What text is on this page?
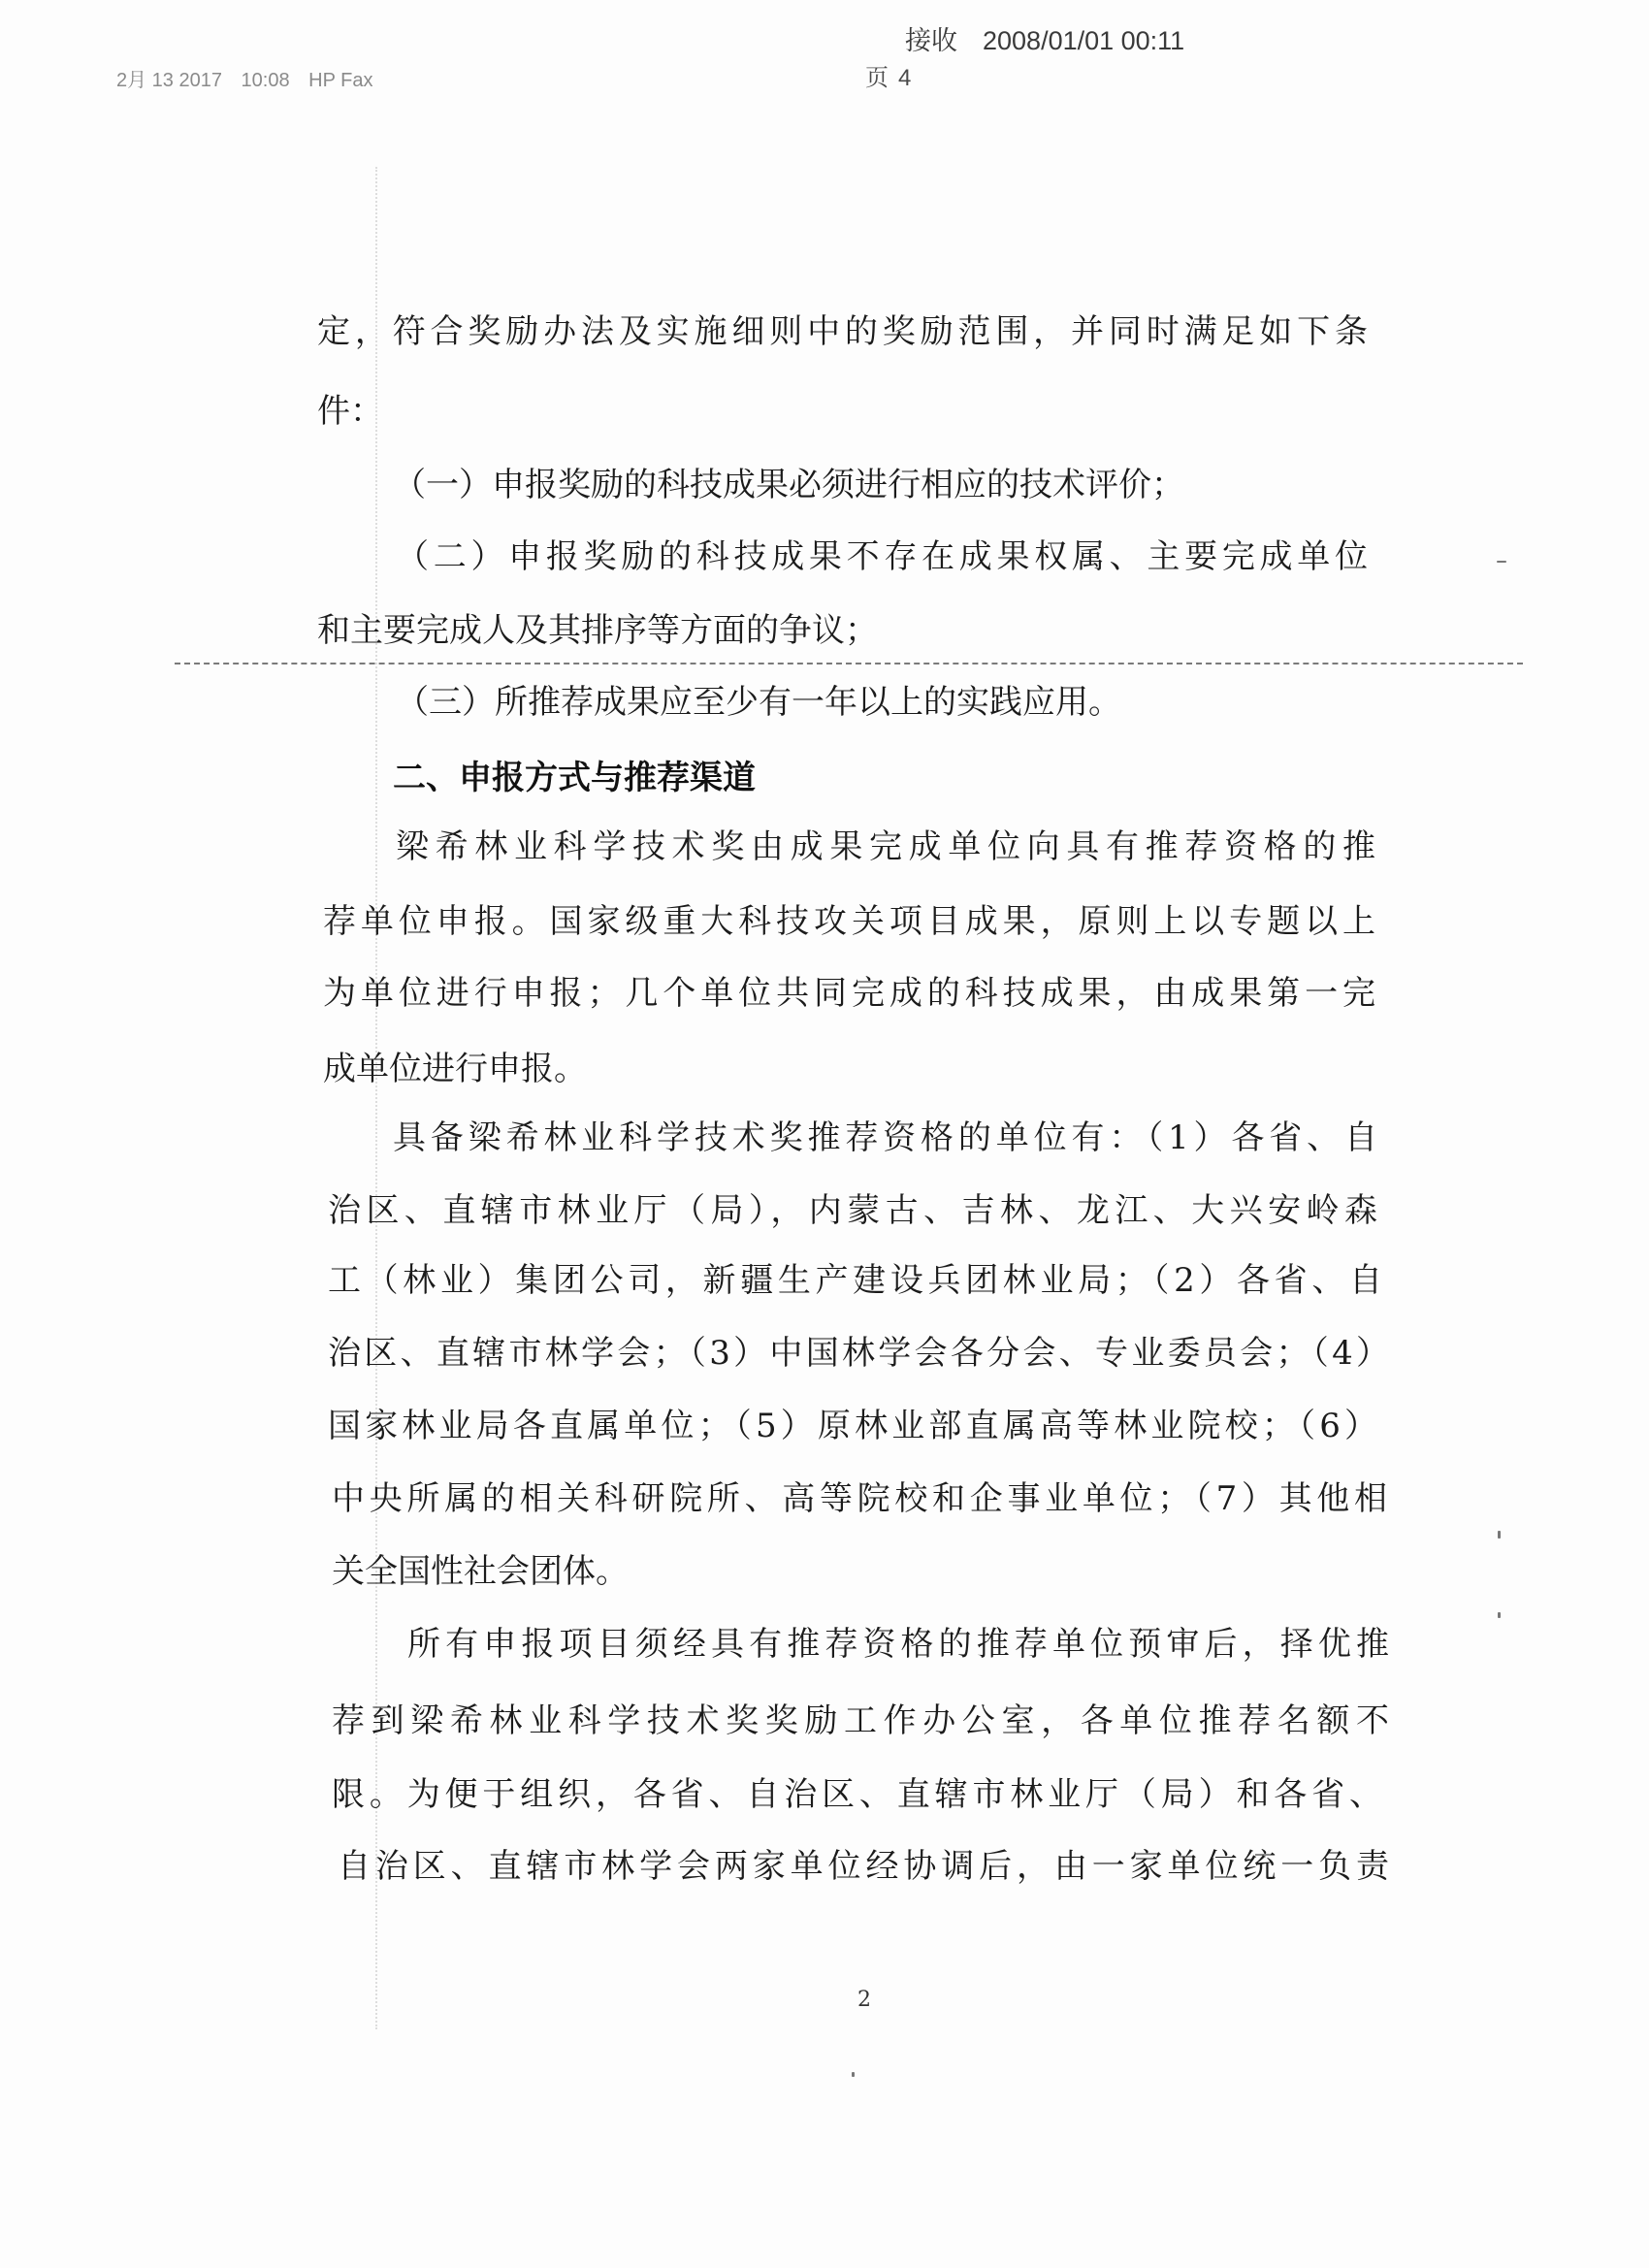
接收 2008/01/01 00:11
2月 13 2017 10:08 HP Fax	页 4
定，符合奖励办法及实施细则中的奖励范围，并同时满足如下条
件：
（一）申报奖励的科技成果必须进行相应的技术评价；
（二）申报奖励的科技成果不存在成果权属、主要完成单位
和主要完成人及其排序等方面的争议；
（三）所推荐成果应至少有一年以上的实践应用。
二、申报方式与推荐渠道
梁希林业科学技术奖由成果完成单位向具有推荐资格的推
荐单位申报。国家级重大科技攻关项目成果，原则上以专题以上
为单位进行申报；几个单位共同完成的科技成果，由成果第一完
成单位进行申报。
具备梁希林业科学技术奖推荐资格的单位有：（1）各省、自
治区、直辖市林业厅（局），内蒙古、吉林、龙江、大兴安岭森
工（林业）集团公司，新疆生产建设兵团林业局；（2）各省、自
治区、直辖市林学会；（3）中国林学会各分会、专业委员会；（4）
国家林业局各直属单位；（5）原林业部直属高等林业院校；（6）
中央所属的相关科研院所、高等院校和企事业单位；（7）其他相
关全国性社会团体。
所有申报项目须经具有推荐资格的推荐单位预审后，择优推
荐到梁希林业科学技术奖奖励工作办公室，各单位推荐名额不
限。为便于组织，各省、自治区、直辖市林业厅（局）和各省、
自治区、直辖市林学会两家单位经协调后，由一家单位统一负责
2
